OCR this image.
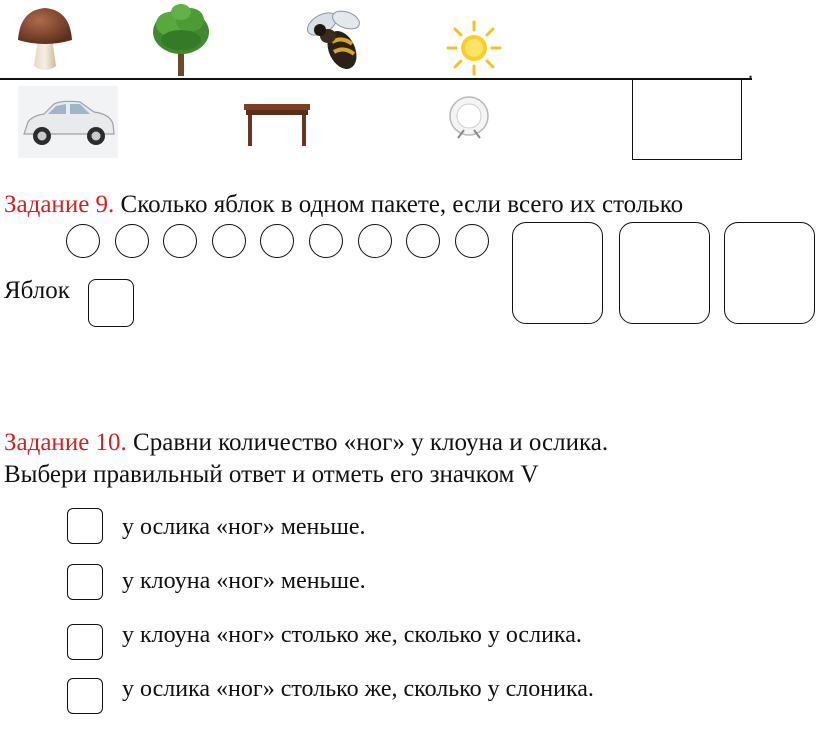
.
Задание 9. Сколько яблок в одном пакете, если всего их столько
Яблок
Задание 10. Сравни количество «ног» у клоуна и ослика.
Выбери правильный ответ и отметь его значком V
у ослика «ног» меньше.
у клоуна «ног» меньше.
у клоуна «ног» столько же, сколько у ослика.
у ослика «ног» столько же, сколько у слоника.
